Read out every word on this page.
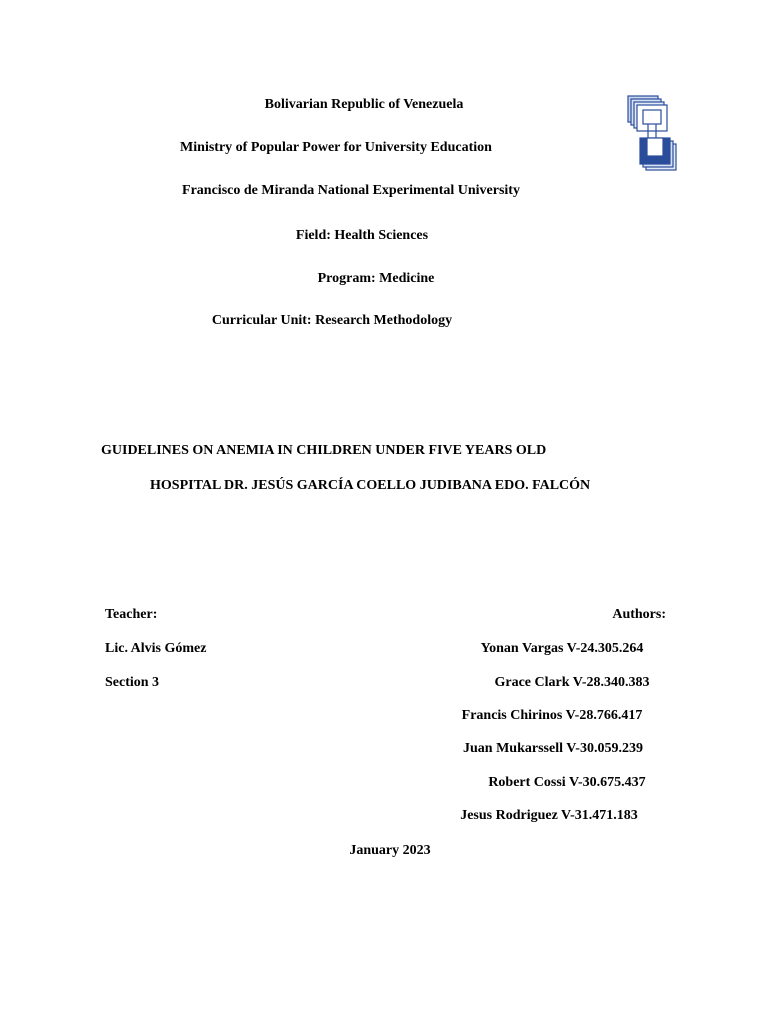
Bolivarian Republic of Venezuela
Ministry of Popular Power for University Education
Francisco de Miranda National Experimental University
Field: Health Sciences
Program: Medicine
Curricular Unit: Research Methodology
GUIDELINES ON ANEMIA IN CHILDREN UNDER FIVE YEARS OLD
HOSPITAL DR. JESÚS GARCÍA COELLO JUDIBANA EDO. FALCÓN
Teacher:
Lic. Alvis Gómez
Section 3
Authors:
Yonan Vargas V-24.305.264
Grace Clark V-28.340.383
Francis Chirinos V-28.766.417
Juan Mukarssell V-30.059.239
Robert Cossi V-30.675.437
Jesus Rodriguez V-31.471.183
January 2023
